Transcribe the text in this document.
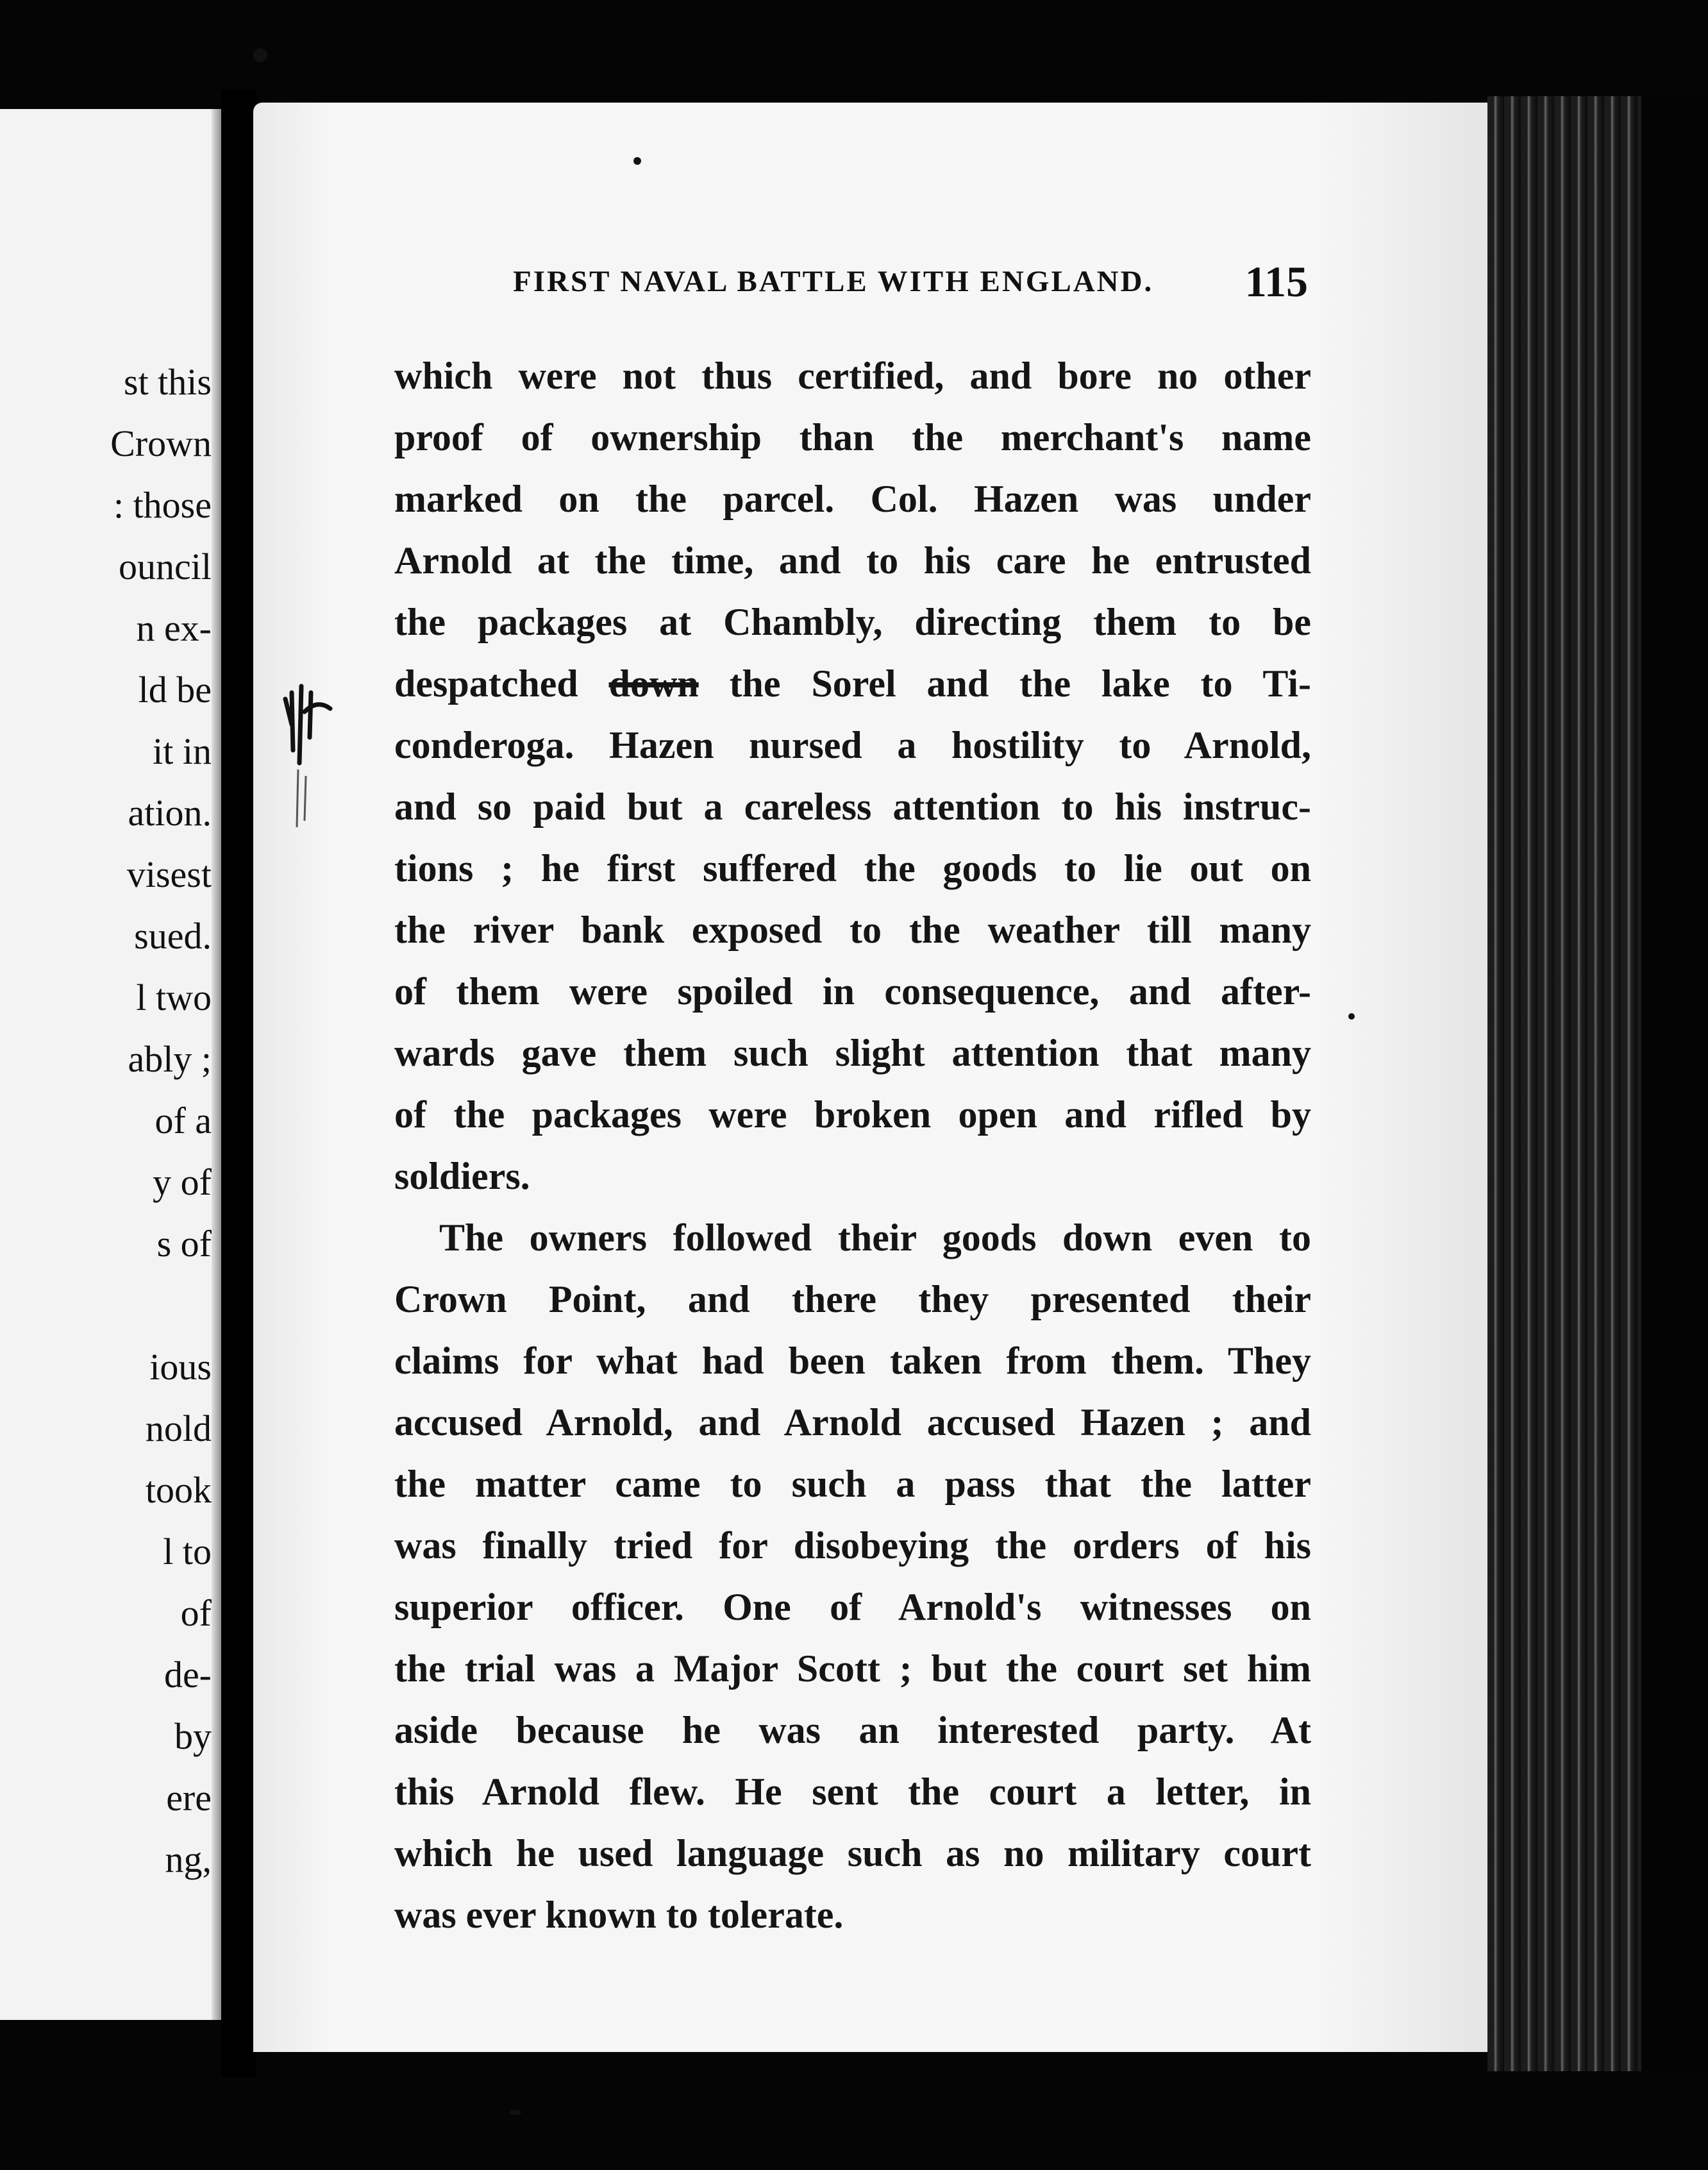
st this
Crown
: those
ouncil
n ex-
ld be
it in
ation.
visest
sued.
l two
ably ;
of a
y of
s of

ious
nold
took
l to
of
de-
by
ere
ng,
FIRST NAVAL BATTLE WITH ENGLAND. 115
which were not thus certified, and bore no other
proof of ownership than the merchant's name
marked on the parcel. Col. Hazen was under
Arnold at the time, and to his care he entrusted
the packages at Chambly, directing them to be
despatched down the Sorel and the lake to Ti-
conderoga. Hazen nursed a hostility to Arnold,
and so paid but a careless attention to his instruc-
tions ; he first suffered the goods to lie out on
the river bank exposed to the weather till many
of them were spoiled in consequence, and after-
wards gave them such slight attention that many
of the packages were broken open and rifled by
soldiers.
The owners followed their goods down even to
Crown Point, and there they presented their
claims for what had been taken from them. They
accused Arnold, and Arnold accused Hazen ; and
the matter came to such a pass that the latter
was finally tried for disobeying the orders of his
superior officer. One of Arnold's witnesses on
the trial was a Major Scott ; but the court set him
aside because he was an interested party. At
this Arnold flew. He sent the court a letter, in
which he used language such as no military court
was ever known to tolerate.
